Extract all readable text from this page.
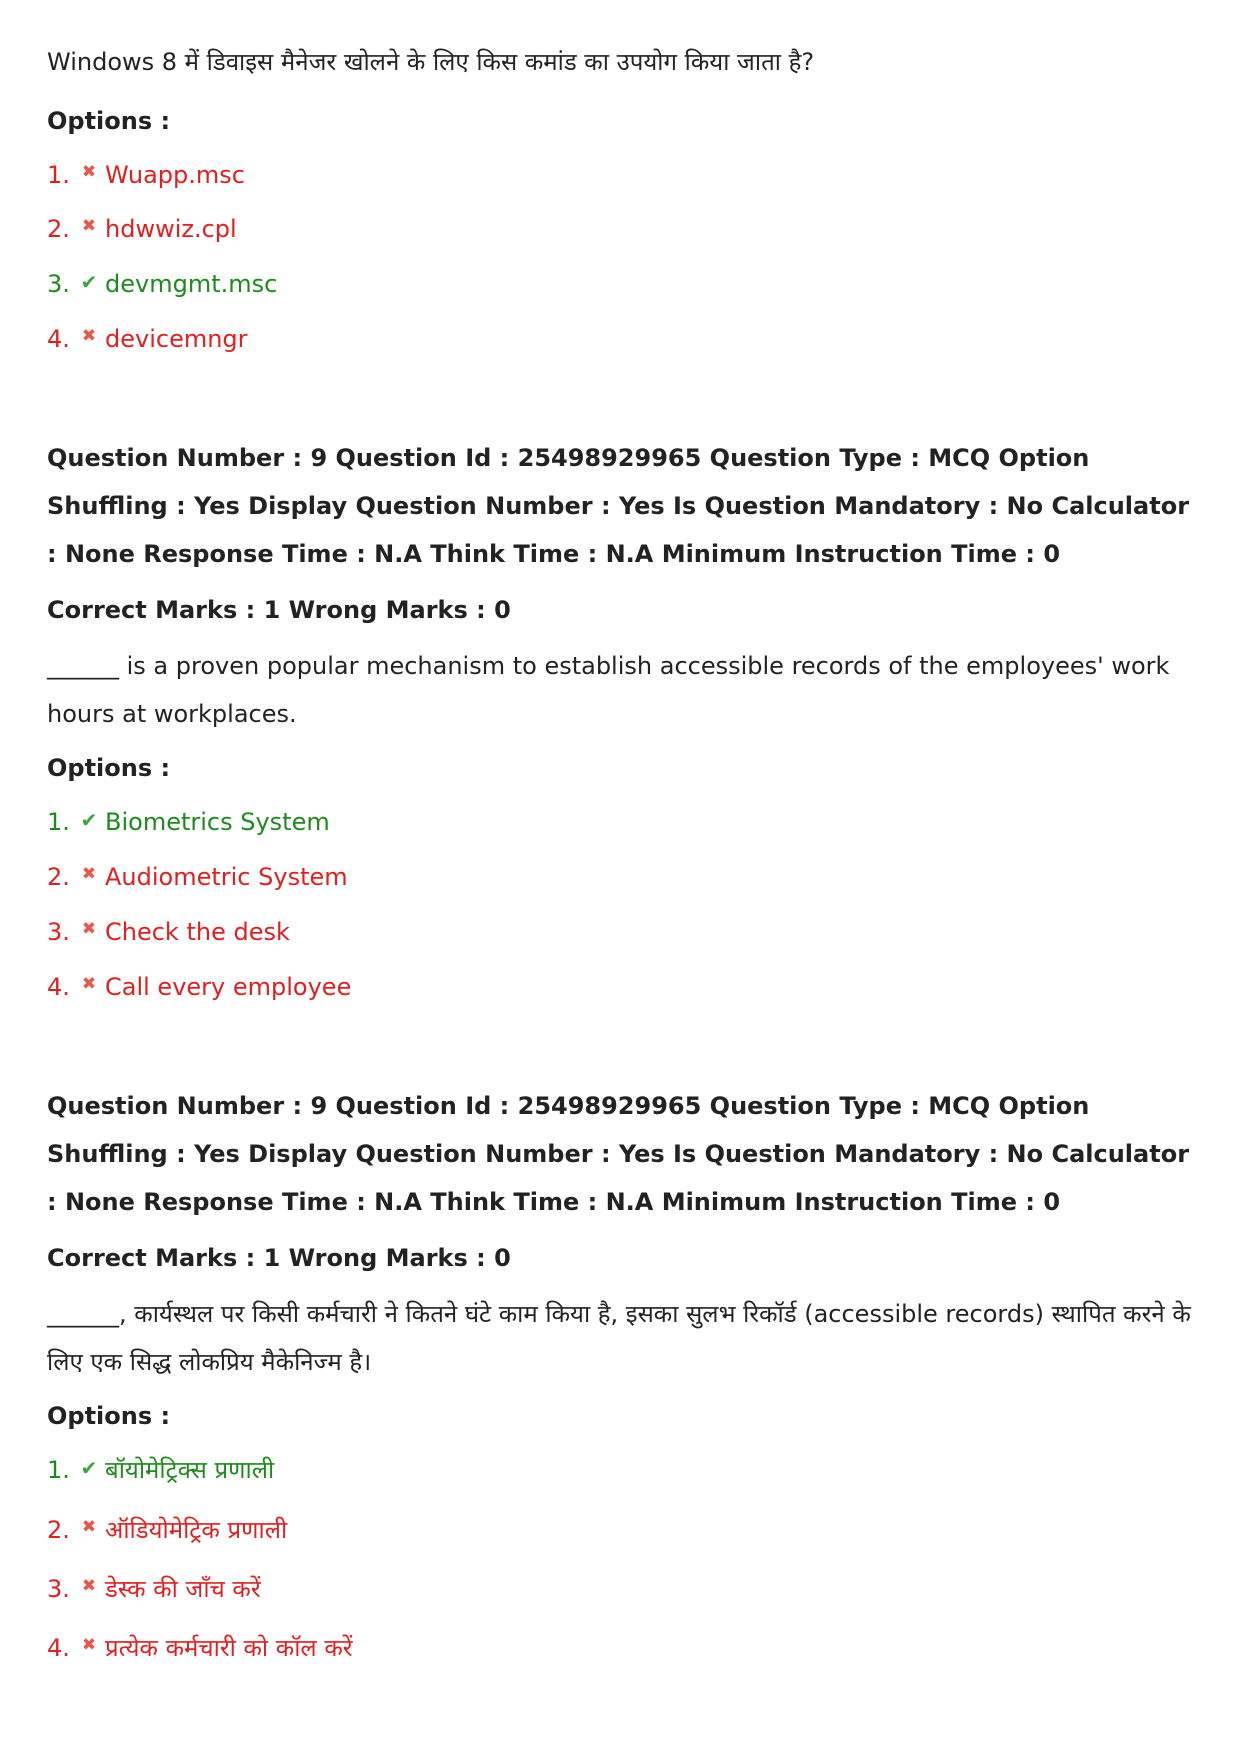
Windows 8 में डिवाइस मैनेजर खोलने के लिए किस कमांड का उपयोग किया जाता है?

Options :
1. ✖ Wuapp.msc
2. ✖ hdwwiz.cpl
3. ✔ devmgmt.msc
4. ✖ devicemngr

Question Number : 9 Question Id : 25498929965 Question Type : MCQ Option Shuffling : Yes Display Question Number : Yes Is Question Mandatory : No Calculator : None Response Time : N.A Think Time : N.A Minimum Instruction Time : 0

Correct Marks : 1 Wrong Marks : 0

______ is a proven popular mechanism to establish accessible records of the employees' work hours at workplaces.

Options :
1. ✔ Biometrics System
2. ✖ Audiometric System
3. ✖ Check the desk
4. ✖ Call every employee

Question Number : 9 Question Id : 25498929965 Question Type : MCQ Option Shuffling : Yes Display Question Number : Yes Is Question Mandatory : No Calculator : None Response Time : N.A Think Time : N.A Minimum Instruction Time : 0

Correct Marks : 1 Wrong Marks : 0

______, कार्यस्थल पर किसी कर्मचारी ने कितने घंटे काम किया है, इसका सुलभ रिकॉर्ड (accessible records) स्थापित करने के लिए एक सिद्ध लोकप्रिय मैकेनिज्म है।

Options :
1. ✔ बॉयोमेट्रिक्स प्रणाली
2. ✖ ऑडियोमेट्रिक प्रणाली
3. ✖ डेस्क की जाँच करें
4. ✖ प्रत्येक कर्मचारी को कॉल करें
